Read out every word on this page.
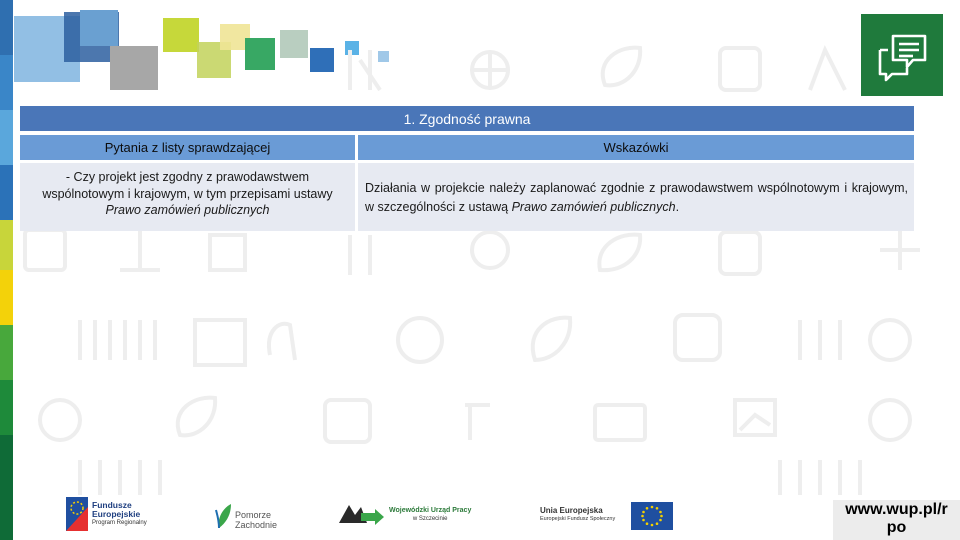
1. Zgodność prawna
Pytania z listy sprawdzającej	Wskazówki
- Czy projekt jest zgodny z prawodawstwem wspólnotowym i krajowym, w tym przepisami ustawy Prawo zamówień publicznych
Działania w projekcie należy zaplanować zgodnie z prawodawstwem wspólnotowym i krajowym, w szczególności z ustawą Prawo zamówień publicznych.
Fundusze
Europejskie
Program Regionalny
Pomorze
Zachodnie
Wojewódzki Urząd Pracy
w Szczecinie
Unia Europejska
Europejski Fundusz Społeczny
www.wup.pl/r
po
